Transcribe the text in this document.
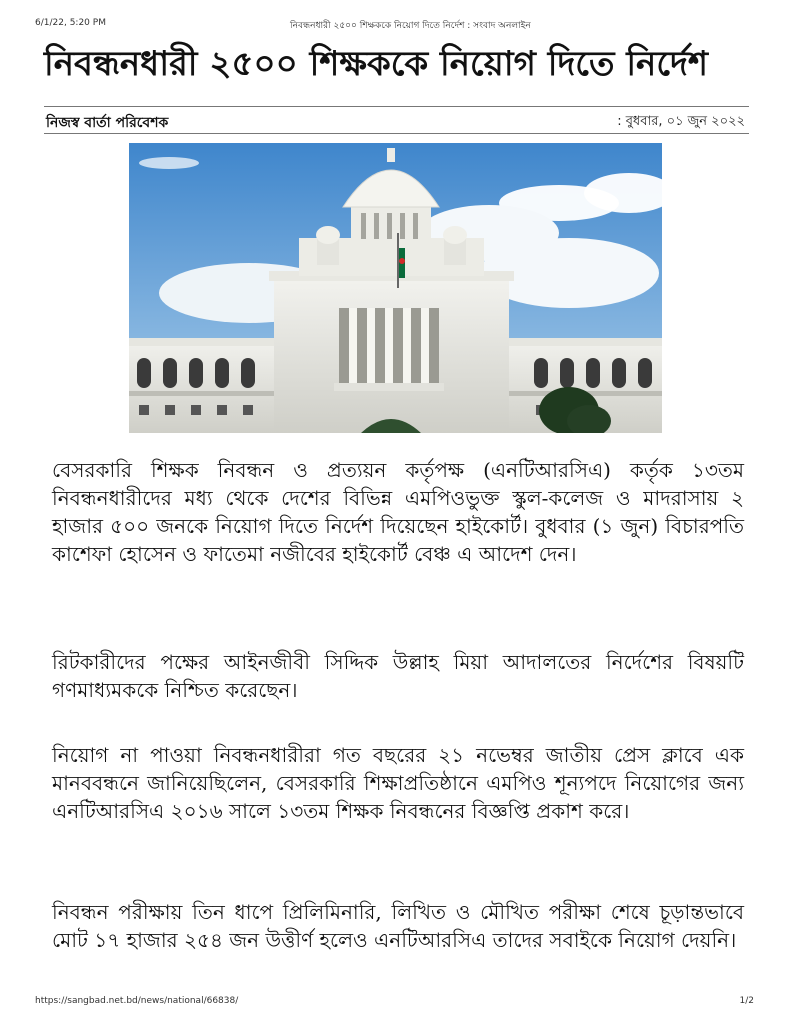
6/1/22, 5:20 PM	নিবন্ধনধারী ২৫০০ শিক্ষককে নিয়োগ দিতে নির্দেশ : সংবাদ অনলাইন
নিবন্ধনধারী ২৫০০ শিক্ষককে নিয়োগ দিতে নির্দেশ
নিজস্ব বার্তা পরিবেশক	: বুধবার, ০১ জুন ২০২২

বেসরকারি শিক্ষক নিবন্ধন ও প্রত্যয়ন কর্তৃপক্ষ (এনটিআরসিএ) কর্তৃক ১৩তম নিবন্ধনধারীদের মধ্য থেকে দেশের বিভিন্ন এমপিওভুক্ত স্কুল-কলেজ ও মাদরাসায় ২ হাজার ৫০০ জনকে নিয়োগ দিতে নির্দেশ দিয়েছেন হাইকোর্ট। বুধবার (১ জুন) বিচারপতি কাশেফা হোসেন ও ফাতেমা নজীবের হাইকোর্ট বেঞ্চ এ আদেশ দেন।

রিটকারীদের পক্ষের আইনজীবী সিদ্দিক উল্লাহ মিয়া আদালতের নির্দেশের বিষয়টি গণমাধ্যমককে নিশ্চিত করেছেন।

নিয়োগ না পাওয়া নিবন্ধনধারীরা গত বছরের ২১ নভেম্বর জাতীয় প্রেস ক্লাবে এক মানববন্ধনে জানিয়েছিলেন, বেসরকারি শিক্ষাপ্রতিষ্ঠানে এমপিও শূন্যপদে নিয়োগের জন্য এনটিআরসিএ ২০১৬ সালে ১৩তম শিক্ষক নিবন্ধনের বিজ্ঞপ্তি প্রকাশ করে।

নিবন্ধন পরীক্ষায় তিন ধাপে প্রিলিমিনারি, লিখিত ও মৌখিত পরীক্ষা শেষে চূড়ান্তভাবে মোট ১৭ হাজার ২৫৪ জন উত্তীর্ণ হলেও এনটিআরসিএ তাদের সবাইকে নিয়োগ দেয়নি।

https://sangbad.net.bd/news/national/66838/	1/2
